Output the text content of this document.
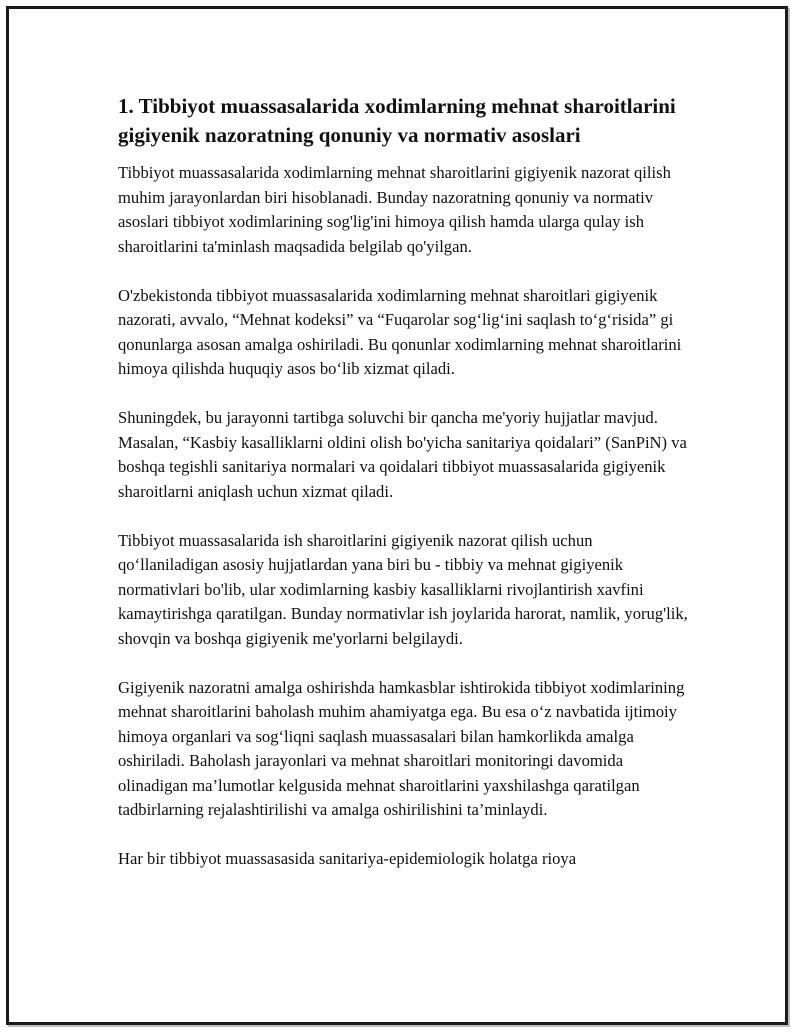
1. Tibbiyot muassasalarida xodimlarning mehnat sharoitlarini gigiyenik nazoratning qonuniy va normativ asoslari

Tibbiyot muassasalarida xodimlarning mehnat sharoitlarini gigiyenik nazorat qilish muhim jarayonlardan biri hisoblanadi. Bunday nazoratning qonuniy va normativ asoslari tibbiyot xodimlarining sog'lig'ini himoya qilish hamda ularga qulay ish sharoitlarini ta'minlash maqsadida belgilab qo'yilgan.

O'zbekistonda tibbiyot muassasalarida xodimlarning mehnat sharoitlari gigiyenik nazorati, avvalo, “Mehnat kodeksi” va “Fuqarolar sog‘lig‘ini saqlash to‘g‘risida” gi qonunlarga asosan amalga oshiriladi. Bu qonunlar xodimlarning mehnat sharoitlarini himoya qilishda huquqiy asos bo‘lib xizmat qiladi.

Shuningdek, bu jarayonni tartibga soluvchi bir qancha me'yoriy hujjatlar mavjud. Masalan, “Kasbiy kasalliklarni oldini olish bo'yicha sanitariya qoidalari” (SanPiN) va boshqa tegishli sanitariya normalari va qoidalari tibbiyot muassasalarida gigiyenik sharoitlarni aniqlash uchun xizmat qiladi.

Tibbiyot muassasalarida ish sharoitlarini gigiyenik nazorat qilish uchun qo‘llaniladigan asosiy hujjatlardan yana biri bu - tibbiy va mehnat gigiyenik normativlari bo'lib, ular xodimlarning kasbiy kasalliklarni rivojlantirish xavfini kamaytirishga qaratilgan. Bunday normativlar ish joylarida harorat, namlik, yorug'lik, shovqin va boshqa gigiyenik me'yorlarni belgilaydi.

Gigiyenik nazoratni amalga oshirishda hamkasblar ishtirokida tibbiyot xodimlarining mehnat sharoitlarini baholash muhim ahamiyatga ega. Bu esa o‘z navbatida ijtimoiy himoya organlari va sog‘liqni saqlash muassasalari bilan hamkorlikda amalga oshiriladi. Baholash jarayonlari va mehnat sharoitlari monitoringi davomida olinadigan ma’lumotlar kelgusida mehnat sharoitlarini yaxshilashga qaratilgan tadbirlarning rejalashtirilishi va amalga oshirilishini ta’minlaydi.

Har bir tibbiyot muassasasida sanitariya-epidemiologik holatga rioya
